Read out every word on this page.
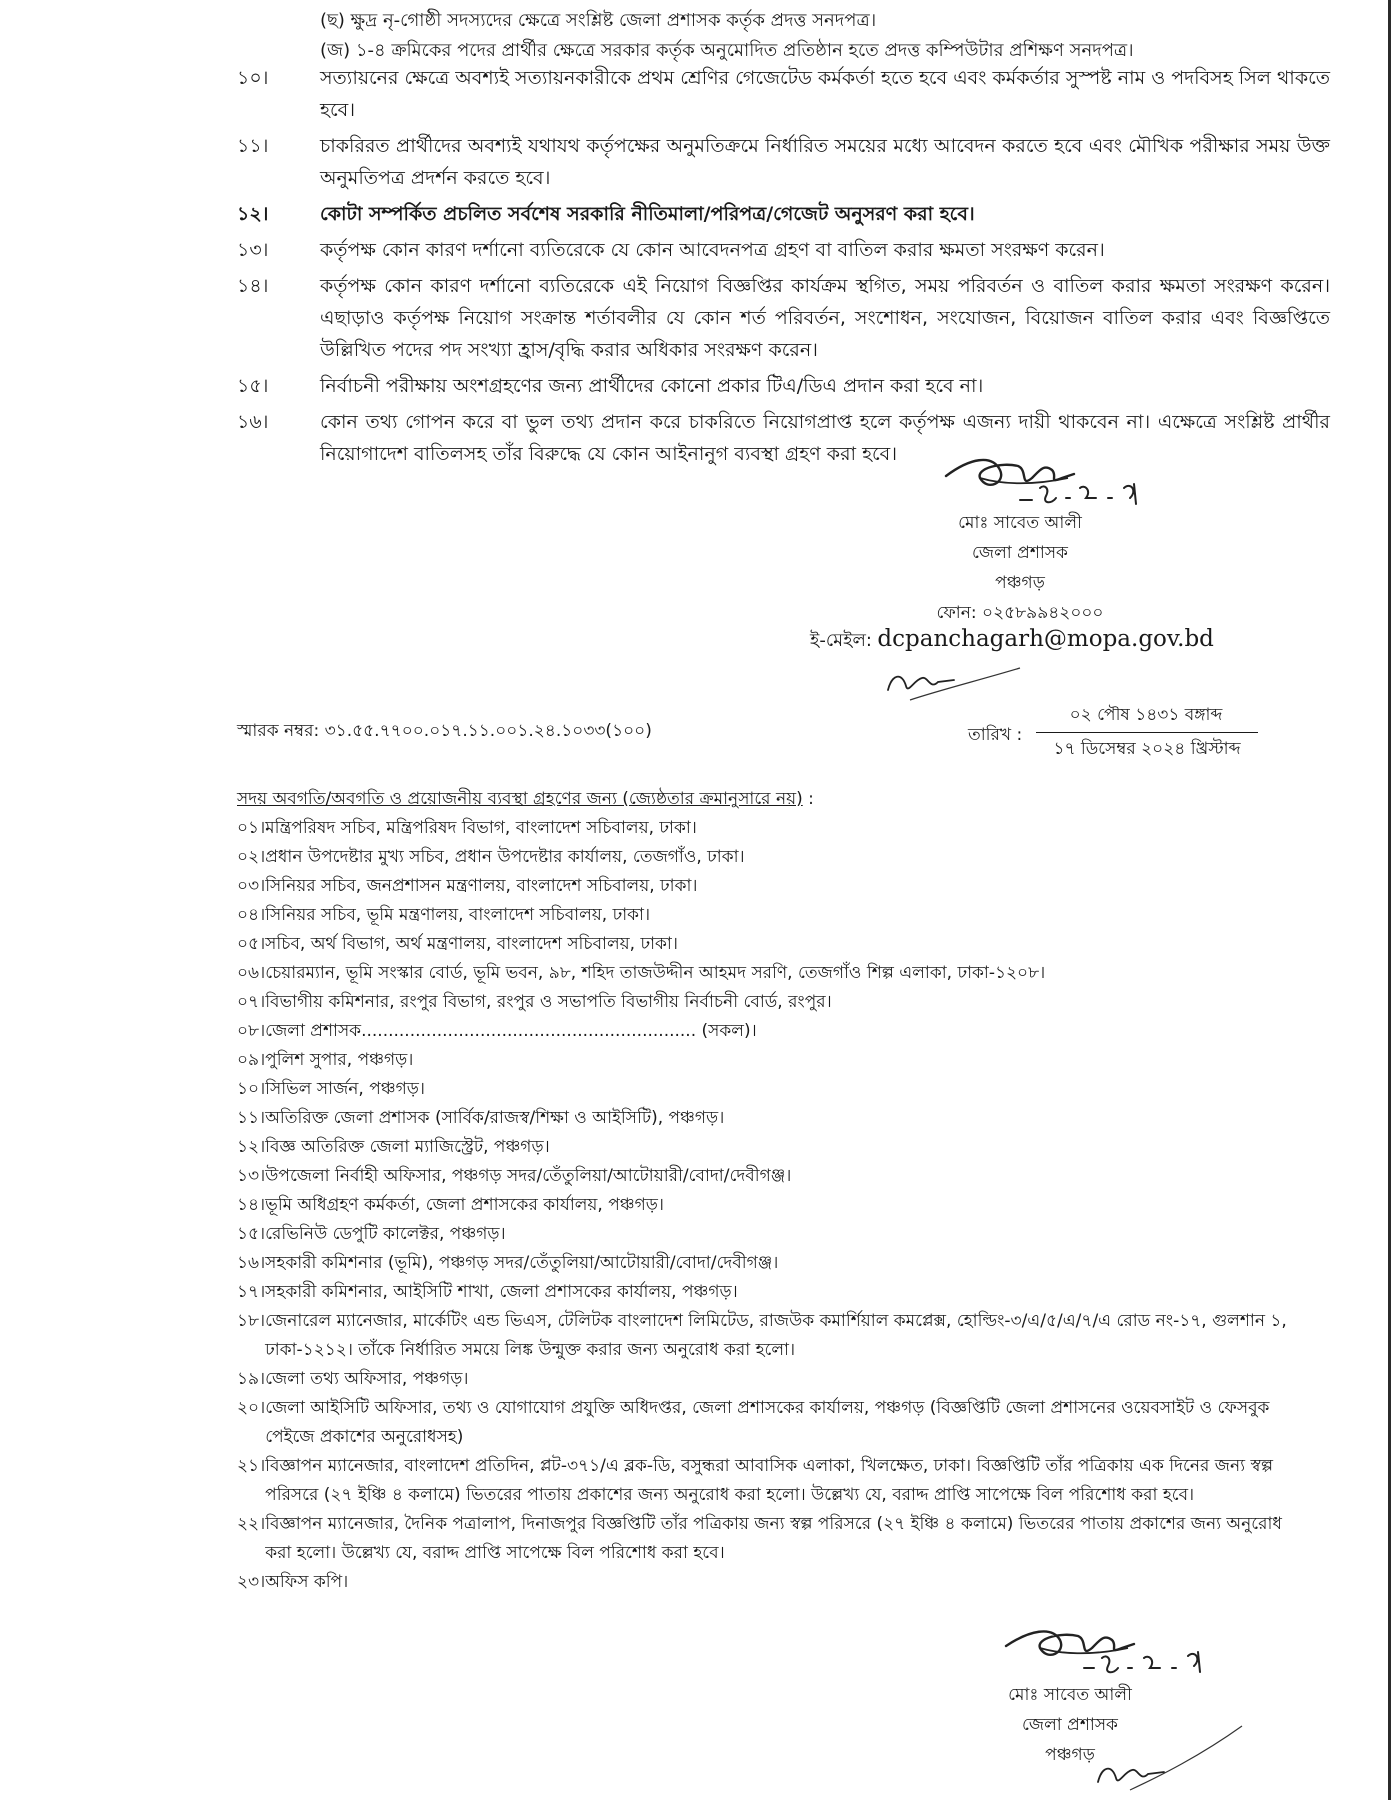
(ছ) ক্ষুদ্র নৃ-গোষ্ঠী সদস্যদের ক্ষেত্রে সংশ্লিষ্ট জেলা প্রশাসক কর্তৃক প্রদত্ত সনদপত্র।
(জ) ১-৪ ক্রমিকের পদের প্রার্থীর ক্ষেত্রে সরকার কর্তৃক অনুমোদিত প্রতিষ্ঠান হতে প্রদত্ত কম্পিউটার প্রশিক্ষণ সনদপত্র।
১০।	সত্যায়নের ক্ষেত্রে অবশ্যই সত্যায়নকারীকে প্রথম শ্রেণির গেজেটেড কর্মকর্তা হতে হবে এবং কর্মকর্তার সুস্পষ্ট নাম ও পদবিসহ সিল থাকতে হবে।
১১।	চাকরিরত প্রার্থীদের অবশ্যই যথাযথ কর্তৃপক্ষের অনুমতিক্রমে নির্ধারিত সময়ের মধ্যে আবেদন করতে হবে এবং মৌখিক পরীক্ষার সময় উক্ত অনুমতিপত্র প্রদর্শন করতে হবে।
১২।	কোটা সম্পর্কিত প্রচলিত সর্বশেষ সরকারি নীতিমালা/পরিপত্র/গেজেট অনুসরণ করা হবে।
১৩।	কর্তৃপক্ষ কোন কারণ দর্শানো ব্যতিরেকে যে কোন আবেদনপত্র গ্রহণ বা বাতিল করার ক্ষমতা সংরক্ষণ করেন।
১৪।	কর্তৃপক্ষ কোন কারণ দর্শানো ব্যতিরেকে এই নিয়োগ বিজ্ঞপ্তির কার্যক্রম স্থগিত, সময় পরিবর্তন ও বাতিল করার ক্ষমতা সংরক্ষণ করেন। এছাড়াও কর্তৃপক্ষ নিয়োগ সংক্রান্ত শর্তাবলীর যে কোন শর্ত পরিবর্তন, সংশোধন, সংযোজন, বিয়োজন বাতিল করার এবং বিজ্ঞপ্তিতে উল্লিখিত পদের পদ সংখ্যা হ্রাস/বৃদ্ধি করার অধিকার সংরক্ষণ করেন।
১৫।	নির্বাচনী পরীক্ষায় অংশগ্রহণের জন্য প্রার্থীদের কোনো প্রকার টিএ/ডিএ প্রদান করা হবে না।
১৬।	কোন তথ্য গোপন করে বা ভুল তথ্য প্রদান করে চাকরিতে নিয়োগপ্রাপ্ত হলে কর্তৃপক্ষ এজন্য দায়ী থাকবেন না। এক্ষেত্রে সংশ্লিষ্ট প্রার্থীর নিয়োগাদেশ বাতিলসহ তাঁর বিরুদ্ধে যে কোন আইনানুগ ব্যবস্থা গ্রহণ করা হবে।
মোঃ সাবেত আলী
জেলা প্রশাসক
পঞ্চগড়
ফোন: ০২৫৮৯৯৪২০০০
ই-মেইল: dcpanchagarh@mopa.gov.bd
স্মারক নম্বর: ৩১.৫৫.৭৭০০.০১৭.১১.০০১.২৪.১০৩৩(১০০)	তারিখ :
০২ পৌষ ১৪৩১ বঙ্গাব্দ
১৭ ডিসেম্বর ২০২৪ খ্রিস্টাব্দ
সদয় অবগতি/অবগতি ও প্রয়োজনীয় ব্যবস্থা গ্রহণের জন্য (জ্যেষ্ঠতার ক্রমানুসারে নয়) :
০১। মন্ত্রিপরিষদ সচিব, মন্ত্রিপরিষদ বিভাগ, বাংলাদেশ সচিবালয়, ঢাকা।
০২। প্রধান উপদেষ্টার মুখ্য সচিব, প্রধান উপদেষ্টার কার্যালয়, তেজগাঁও, ঢাকা।
০৩। সিনিয়র সচিব, জনপ্রশাসন মন্ত্রণালয়, বাংলাদেশ সচিবালয়, ঢাকা।
০৪। সিনিয়র সচিব, ভূমি মন্ত্রণালয়, বাংলাদেশ সচিবালয়, ঢাকা।
০৫। সচিব, অর্থ বিভাগ, অর্থ মন্ত্রণালয়, বাংলাদেশ সচিবালয়, ঢাকা।
০৬। চেয়ারম্যান, ভূমি সংস্কার বোর্ড, ভূমি ভবন, ৯৮, শহিদ তাজউদ্দীন আহমদ সরণি, তেজগাঁও শিল্প এলাকা, ঢাকা-১২০৮।
০৭। বিভাগীয় কমিশনার, রংপুর বিভাগ, রংপুর ও সভাপতি বিভাগীয় নির্বাচনী বোর্ড, রংপুর।
০৮। জেলা প্রশাসক.............................................................. (সকল)।
০৯। পুলিশ সুপার, পঞ্চগড়।
১০। সিভিল সার্জন, পঞ্চগড়।
১১। অতিরিক্ত জেলা প্রশাসক (সার্বিক/রাজস্ব/শিক্ষা ও আইসিটি), পঞ্চগড়।
১২। বিজ্ঞ অতিরিক্ত জেলা ম্যাজিস্ট্রেট, পঞ্চগড়।
১৩। উপজেলা নির্বাহী অফিসার, পঞ্চগড় সদর/তেঁতুলিয়া/আটোয়ারী/বোদা/দেবীগঞ্জ।
১৪। ভূমি অধিগ্রহণ কর্মকর্তা, জেলা প্রশাসকের কার্যালয়, পঞ্চগড়।
১৫। রেভিনিউ ডেপুটি কালেক্টর, পঞ্চগড়।
১৬। সহকারী কমিশনার (ভূমি), পঞ্চগড় সদর/তেঁতুলিয়া/আটোয়ারী/বোদা/দেবীগঞ্জ।
১৭। সহকারী কমিশনার, আইসিটি শাখা, জেলা প্রশাসকের কার্যালয়, পঞ্চগড়।
১৮। জেনারেল ম্যানেজার, মার্কেটিং এন্ড ভিএস, টেলিটক বাংলাদেশ লিমিটেড, রাজউক কমার্শিয়াল কমপ্লেক্স, হোল্ডিং-৩/এ/৫/এ/৭/এ রোড নং-১৭, গুলশান ১, ঢাকা-১২১২। তাঁকে নির্ধারিত সময়ে লিঙ্ক উন্মুক্ত করার জন্য অনুরোধ করা হলো।
১৯। জেলা তথ্য অফিসার, পঞ্চগড়।
২০। জেলা আইসিটি অফিসার, তথ্য ও যোগাযোগ প্রযুক্তি অধিদপ্তর, জেলা প্রশাসকের কার্যালয়, পঞ্চগড় (বিজ্ঞপ্তিটি জেলা প্রশাসনের ওয়েবসাইট ও ফেসবুক পেইজে প্রকাশের অনুরোধসহ)
২১। বিজ্ঞাপন ম্যানেজার, বাংলাদেশ প্রতিদিন, প্লট-৩৭১/এ ব্লক-ডি, বসুন্ধরা আবাসিক এলাকা, খিলক্ষেত, ঢাকা। বিজ্ঞপ্তিটি তাঁর পত্রিকায় এক দিনের জন্য স্বল্প পরিসরে (২৭ ইঞ্চি ৪ কলামে) ভিতরের পাতায় প্রকাশের জন্য অনুরোধ করা হলো। উল্লেখ্য যে, বরাদ্দ প্রাপ্তি সাপেক্ষে বিল পরিশোধ করা হবে।
২২। বিজ্ঞাপন ম্যানেজার, দৈনিক পত্রালাপ, দিনাজপুর বিজ্ঞপ্তিটি তাঁর পত্রিকায় জন্য স্বল্প পরিসরে (২৭ ইঞ্চি ৪ কলামে) ভিতরের পাতায় প্রকাশের জন্য অনুরোধ করা হলো। উল্লেখ্য যে, বরাদ্দ প্রাপ্তি সাপেক্ষে বিল পরিশোধ করা হবে।
২৩। অফিস কপি।
মোঃ সাবেত আলী
জেলা প্রশাসক
পঞ্চগড়
